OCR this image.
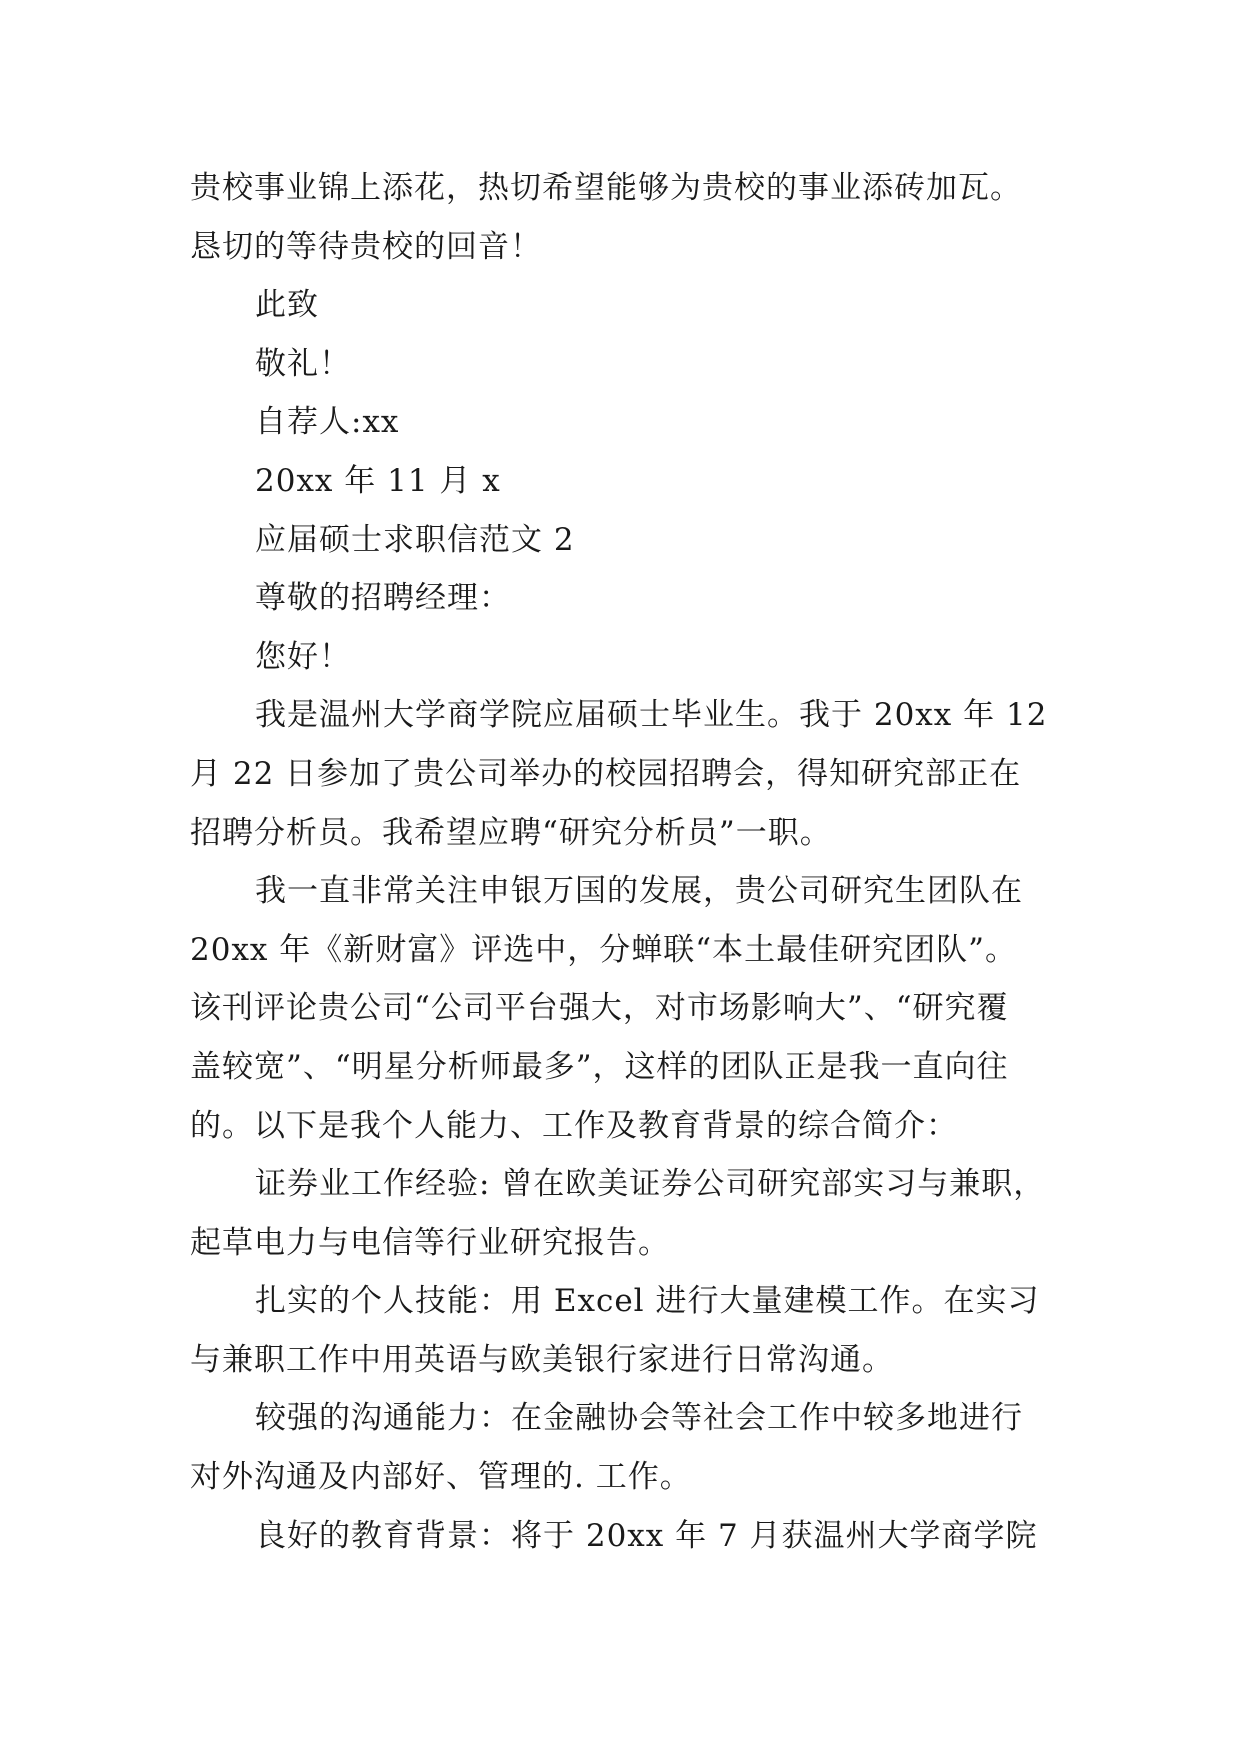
贵校事业锦上添花，热切希望能够为贵校的事业添砖加瓦。
恳切的等待贵校的回音！
此致
敬礼！
自荐人:xx
20xx 年 11 月 x
应届硕士求职信范文 2
尊敬的招聘经理：
您好！
我是温州大学商学院应届硕士毕业生。我于 20xx 年 12
月 22 日参加了贵公司举办的校园招聘会，得知研究部正在
招聘分析员。我希望应聘“研究分析员”一职。
我一直非常关注申银万国的发展，贵公司研究生团队在
20xx 年《新财富》评选中，分蝉联“本土最佳研究团队”。
该刊评论贵公司“公司平台强大，对市场影响大”、“研究覆
盖较宽”、“明星分析师最多”，这样的团队正是我一直向往
的。以下是我个人能力、工作及教育背景的综合简介：
证券业工作经验: 曾在欧美证券公司研究部实习与兼职，
起草电力与电信等行业研究报告。
扎实的个人技能：用 Excel 进行大量建模工作。在实习
与兼职工作中用英语与欧美银行家进行日常沟通。
较强的沟通能力：在金融协会等社会工作中较多地进行
对外沟通及内部好、管理的. 工作。
良好的教育背景：将于 20xx 年 7 月获温州大学商学院
